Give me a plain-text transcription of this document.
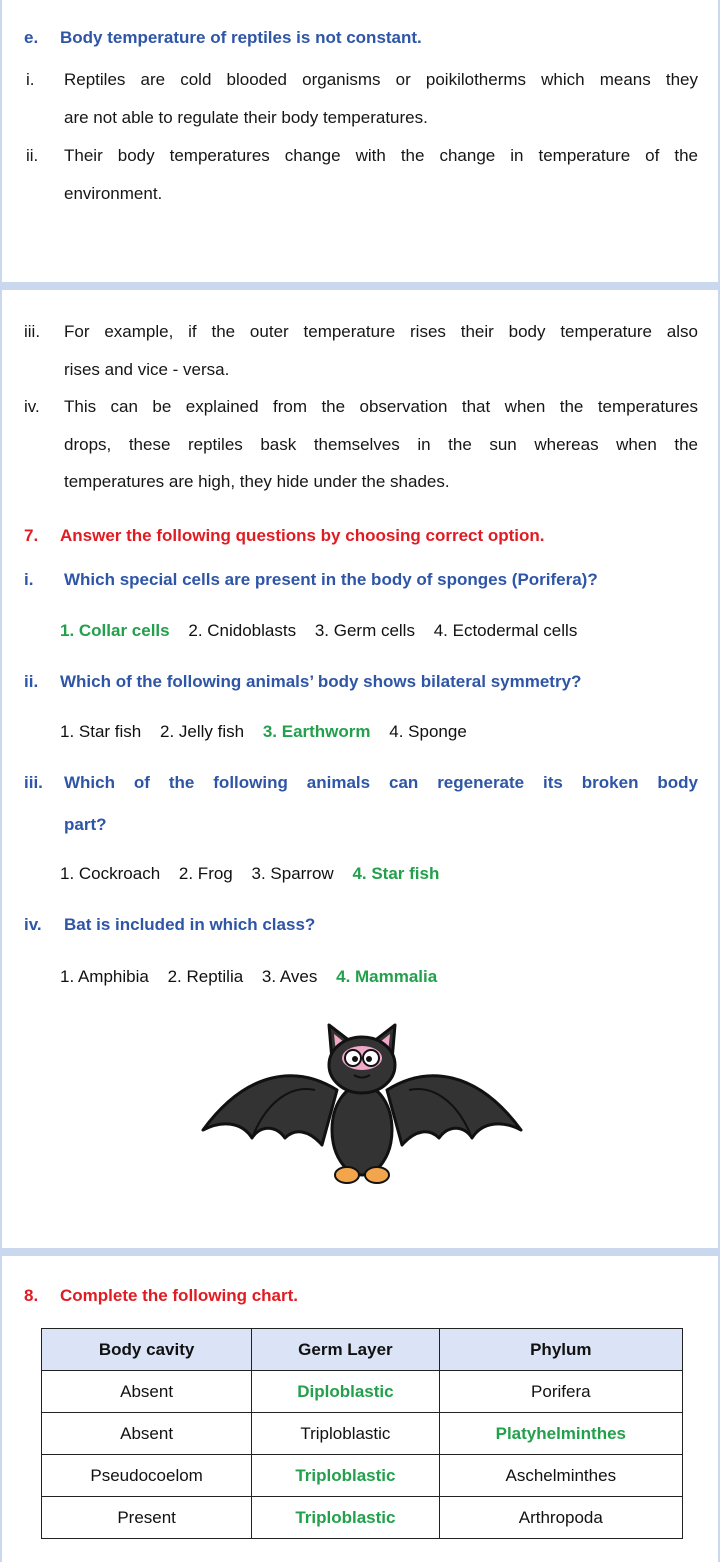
e. Body temperature of reptiles is not constant.
i. Reptiles are cold blooded organisms or poikilotherms which means they
are not able to regulate their body temperatures.
ii. Their body temperatures change with the change in temperature of the
environment.
iii. For example, if the outer temperature rises their body temperature also
rises and vice - versa.
iv. This can be explained from the observation that when the temperatures
drops, these reptiles bask themselves in the sun whereas when the
temperatures are high, they hide under the shades.
7. Answer the following questions by choosing correct option.
i. Which special cells are present in the body of sponges (Porifera)?
1. Collar cells 2. Cnidoblasts 3. Germ cells 4. Ectodermal cells
ii. Which of the following animals’ body shows bilateral symmetry?
1. Star fish 2. Jelly fish 3. Earthworm 4. Sponge
iii. Which of the following animals can regenerate its broken body
part?
1. Cockroach 2. Frog 3. Sparrow 4. Star fish
iv. Bat is included in which class?
1. Amphibia 2. Reptilia 3. Aves 4. Mammalia
8. Complete the following chart.
Body cavity	Germ Layer	Phylum
Absent	Diploblastic	Porifera
Absent	Triploblastic	Platyhelminthes
Pseudocoelom	Triploblastic	Aschelminthes
Present	Triploblastic	Arthropoda
